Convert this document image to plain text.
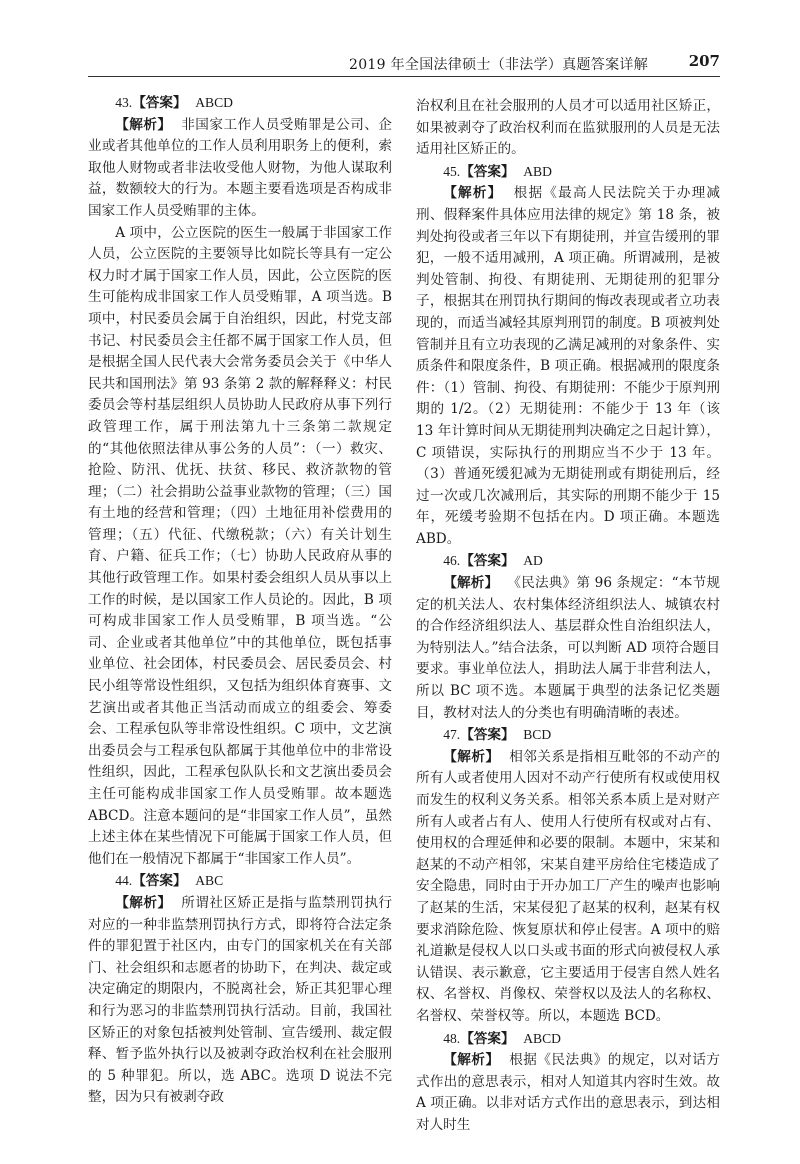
2019 年全国法律硕士（非法学）真题答案详解	207

43.【答案】 ABCD

【解析】 非国家工作人员受贿罪是公司、企业或者其他单位的工作人员利用职务上的便利，索取他人财物或者非法收受他人财物，为他人谋取利益，数额较大的行为。本题主要看选项是否构成非国家工作人员受贿罪的主体。

A 项中，公立医院的医生一般属于非国家工作人员，公立医院的主要领导比如院长等具有一定公权力时才属于国家工作人员，因此，公立医院的医生可能构成非国家工作人员受贿罪，A 项当选。B 项中，村民委员会属于自治组织，因此，村党支部书记、村民委员会主任都不属于国家工作人员，但是根据全国人民代表大会常务委员会关于《中华人民共和国刑法》第 93 条第 2 款的解释释义：村民委员会等村基层组织人员协助人民政府从事下列行政管理工作，属于刑法第九十三条第二款规定的“其他依照法律从事公务的人员”：（一）救灾、抢险、防汛、优抚、扶贫、移民、救济款物的管理；（二）社会捐助公益事业款物的管理；（三）国有土地的经营和管理；（四）土地征用补偿费用的管理；（五）代征、代缴税款；（六）有关计划生育、户籍、征兵工作；（七）协助人民政府从事的其他行政管理工作。如果村委会组织人员从事以上工作的时候，是以国家工作人员论的。因此，B 项可构成非国家工作人员受贿罪，B 项当选。“公司、企业或者其他单位”中的其他单位，既包括事业单位、社会团体，村民委员会、居民委员会、村民小组等常设性组织，又包括为组织体育赛事、文艺演出或者其他正当活动而成立的组委会、筹委会、工程承包队等非常设性组织。C 项中，文艺演出委员会与工程承包队都属于其他单位中的非常设性组织，因此，工程承包队队长和文艺演出委员会主任可能构成非国家工作人员受贿罪。故本题选 ABCD。注意本题问的是“非国家工作人员”，虽然上述主体在某些情况下可能属于国家工作人员，但他们在一般情况下都属于“非国家工作人员”。

44.【答案】 ABC

【解析】 所谓社区矫正是指与监禁刑罚执行对应的一种非监禁刑罚执行方式，即将符合法定条件的罪犯置于社区内，由专门的国家机关在有关部门、社会组织和志愿者的协助下，在判决、裁定或决定确定的期限内，不脱离社会，矫正其犯罪心理和行为恶习的非监禁刑罚执行活动。目前，我国社区矫正的对象包括被判处管制、宣告缓刑、裁定假释、暂予监外执行以及被剥夺政治权利在社会服刑的 5 种罪犯。所以，选 ABC。选项 D 说法不完整，因为只有被剥夺政

治权利且在社会服刑的人员才可以适用社区矫正，如果被剥夺了政治权利而在监狱服刑的人员是无法适用社区矫正的。

45.【答案】 ABD

【解析】 根据《最高人民法院关于办理减刑、假释案件具体应用法律的规定》第 18 条，被判处拘役或者三年以下有期徒刑，并宣告缓刑的罪犯，一般不适用减刑，A 项正确。所谓减刑，是被判处管制、拘役、有期徒刑、无期徒刑的犯罪分子，根据其在刑罚执行期间的悔改表现或者立功表现的，而适当减轻其原判刑罚的制度。B 项被判处管制并且有立功表现的乙满足减刑的对象条件、实质条件和限度条件，B 项正确。根据减刑的限度条件：（1）管制、拘役、有期徒刑：不能少于原判刑期的 1/2。（2）无期徒刑：不能少于 13 年（该 13 年计算时间从无期徒刑判决确定之日起计算），C 项错误，实际执行的刑期应当不少于 13 年。（3）普通死缓犯减为无期徒刑或有期徒刑后，经过一次或几次减刑后，其实际的刑期不能少于 15 年，死缓考验期不包括在内。D 项正确。本题选 ABD。

46.【答案】 AD

【解析】 《民法典》第 96 条规定：“本节规定的机关法人、农村集体经济组织法人、城镇农村的合作经济组织法人、基层群众性自治组织法人，为特别法人。”结合法条，可以判断 AD 项符合题目要求。事业单位法人，捐助法人属于非营利法人，所以 BC 项不选。本题属于典型的法条记忆类题目，教材对法人的分类也有明确清晰的表述。

47.【答案】 BCD

【解析】 相邻关系是指相互毗邻的不动产的所有人或者使用人因对不动产行使所有权或使用权而发生的权利义务关系。相邻关系本质上是对财产所有人或者占有人、使用人行使所有权或对占有、使用权的合理延伸和必要的限制。本题中，宋某和赵某的不动产相邻，宋某自建平房给住宅楼造成了安全隐患，同时由于开办加工厂产生的噪声也影响了赵某的生活，宋某侵犯了赵某的权利，赵某有权要求消除危险、恢复原状和停止侵害。A 项中的赔礼道歉是侵权人以口头或书面的形式向被侵权人承认错误、表示歉意，它主要适用于侵害自然人姓名权、名誉权、肖像权、荣誉权以及法人的名称权、名誉权、荣誉权等。所以，本题选 BCD。

48.【答案】 ABCD

【解析】 根据《民法典》的规定，以对话方式作出的意思表示，相对人知道其内容时生效。故 A 项正确。以非对话方式作出的意思表示，到达相对人时生
